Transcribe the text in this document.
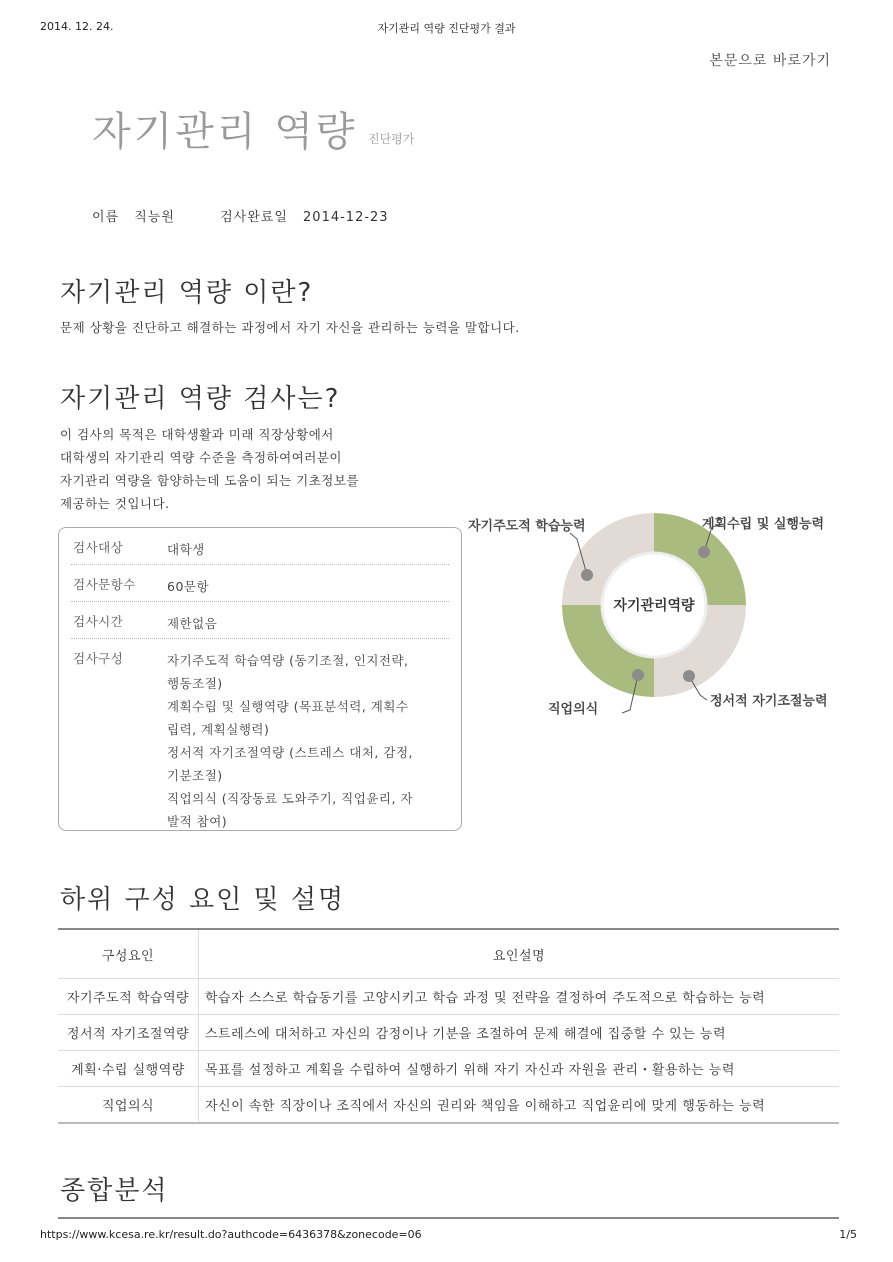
2014. 12. 24.	자기관리 역량 진단평가 결과
본문으로 바로가기
자기관리 역량 진단평가
이름 직능원	검사완료일 2014-12-23
자기관리 역량 이란?
문제 상황을 진단하고 해결하는 과정에서 자기 자신을 관리하는 능력을 말합니다.
자기관리 역량 검사는?
이 검사의 목적은 대학생활과 미래 직장상황에서
대학생의 자기관리 역량 수준을 측정하여여러분이
자기관리 역량을 함양하는데 도움이 되는 기초정보를
제공하는 것입니다.
검사대상	대학생
검사문항수 60문항
검사시간	제한없음
검사구성	자기주도적 학습역량 (동기조절, 인지전략,
행동조절)
계획수립 및 실행역량 (목표분석력, 계획수
립력, 계획실행력)
정서적 자기조절역량 (스트레스 대처, 감정,
기분조절)
직업의식 (직장동료 도와주기, 직업윤리, 자
발적 참여)
자기관리역량
자기주도적 학습능력	계획수립 및 실행능력
정서적 자기조절능력
직업의식
하위 구성 요인 및 설명
구성요인	요인설명
자기주도적 학습역량	학습자 스스로 학습동기를 고양시키고 학습 과정 및 전략을 결정하여 주도적으로 학습하는 능력
정서적 자기조절역량	스트레스에 대처하고 자신의 감정이나 기분을 조절하여 문제 해결에 집중할 수 있는 능력
계획·수립 실행역량	목표를 설정하고 계획을 수립하여 실행하기 위해 자기 자신과 자원을 관리・활용하는 능력
직업의식	자신이 속한 직장이나 조직에서 자신의 권리와 책임을 이해하고 직업윤리에 맞게 행동하는 능력
종합분석
https://www.kcesa.re.kr/result.do?authcode=6436378&zonecode=06	1/5
